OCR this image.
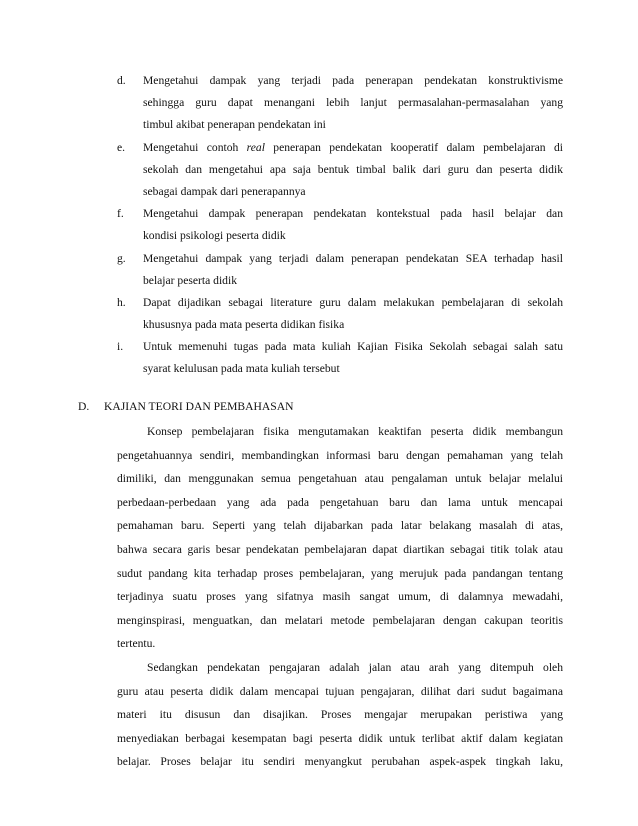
d. Mengetahui dampak yang terjadi pada penerapan pendekatan konstruktivisme
sehingga guru dapat menangani lebih lanjut permasalahan-permasalahan yang
timbul akibat penerapan pendekatan ini
e. Mengetahui contoh real penerapan pendekatan kooperatif dalam pembelajaran di
sekolah dan mengetahui apa saja bentuk timbal balik dari guru dan peserta didik
sebagai dampak dari penerapannya
f. Mengetahui dampak penerapan pendekatan kontekstual pada hasil belajar dan
kondisi psikologi peserta didik
g. Mengetahui dampak yang terjadi dalam penerapan pendekatan SEA terhadap hasil
belajar peserta didik
h. Dapat dijadikan sebagai literature guru dalam melakukan pembelajaran di sekolah
khususnya pada mata peserta didikan fisika
i. Untuk memenuhi tugas pada mata kuliah Kajian Fisika Sekolah sebagai salah satu
syarat kelulusan pada mata kuliah tersebut
D. KAJIAN TEORI DAN PEMBAHASAN
Konsep pembelajaran fisika mengutamakan keaktifan peserta didik membangun
pengetahuannya sendiri, membandingkan informasi baru dengan pemahaman yang telah
dimiliki, dan menggunakan semua pengetahuan atau pengalaman untuk belajar melalui
perbedaan-perbedaan yang ada pada pengetahuan baru dan lama untuk mencapai
pemahaman baru. Seperti yang telah dijabarkan pada latar belakang masalah di atas,
bahwa secara garis besar pendekatan pembelajaran dapat diartikan sebagai titik tolak atau
sudut pandang kita terhadap proses pembelajaran, yang merujuk pada pandangan tentang
terjadinya suatu proses yang sifatnya masih sangat umum, di dalamnya mewadahi,
menginspirasi, menguatkan, dan melatari metode pembelajaran dengan cakupan teoritis
tertentu.
Sedangkan pendekatan pengajaran adalah jalan atau arah yang ditempuh oleh
guru atau peserta didik dalam mencapai tujuan pengajaran, dilihat dari sudut bagaimana
materi itu disusun dan disajikan. Proses mengajar merupakan peristiwa yang
menyediakan berbagai kesempatan bagi peserta didik untuk terlibat aktif dalam kegiatan
belajar. Proses belajar itu sendiri menyangkut perubahan aspek-aspek tingkah laku,
